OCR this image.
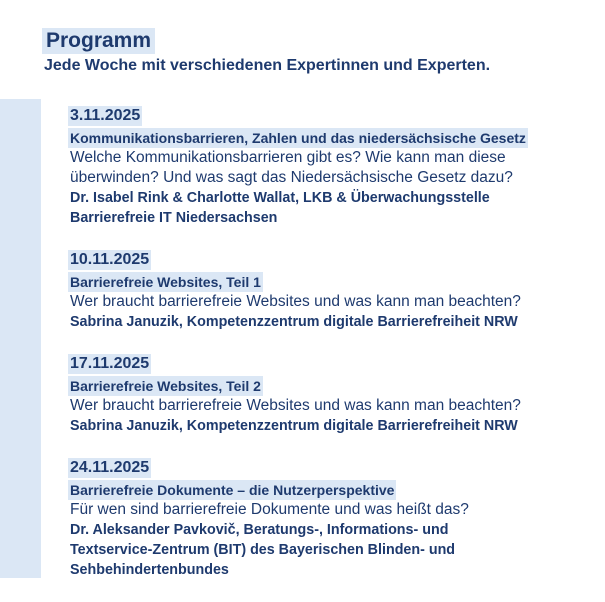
Programm
Jede Woche mit verschiedenen Expertinnen und Experten.
3.11.2025
Kommunikationsbarrieren, Zahlen und das niedersächsische Gesetz
Welche Kommunikationsbarrieren gibt es? Wie kann man diese überwinden? Und was sagt das Niedersächsische Gesetz dazu?
Dr. Isabel Rink & Charlotte Wallat, LKB & Überwachungsstelle Barrierefreie IT Niedersachsen
10.11.2025
Barrierefreie Websites, Teil 1
Wer braucht barrierefreie Websites und was kann man beachten?
Sabrina Januzik, Kompetenzzentrum digitale Barrierefreiheit NRW
17.11.2025
Barrierefreie Websites, Teil 2
Wer braucht barrierefreie Websites und was kann man beachten?
Sabrina Januzik, Kompetenzzentrum digitale Barrierefreiheit NRW
24.11.2025
Barrierefreie Dokumente – die Nutzerperspektive
Für wen sind barrierefreie Dokumente und was heißt das?
Dr. Aleksander Pavkovič, Beratungs-, Informations- und Textservice-Zentrum (BIT) des Bayerischen Blinden- und Sehbehindertenbundes
